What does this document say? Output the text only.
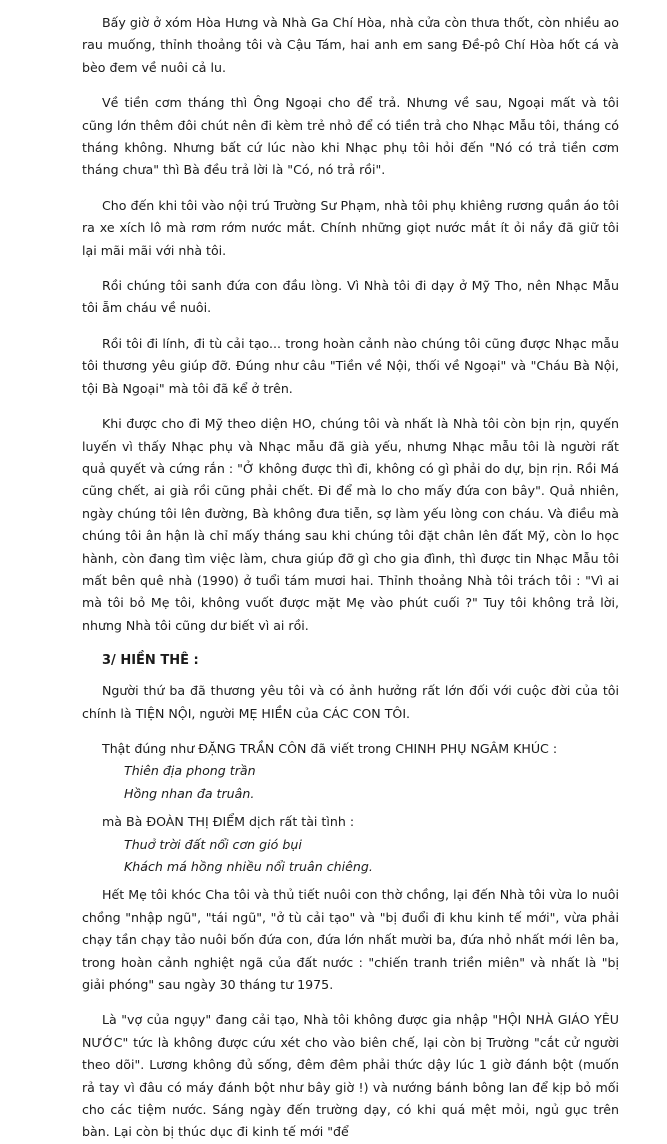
Bấy giờ ở xóm Hòa Hưng và Nhà Ga Chí Hòa, nhà cửa còn thưa thốt, còn nhiều ao rau muống, thỉnh thoảng tôi và Cậu Tám, hai anh em sang Đề-pô Chí Hòa hốt cá và bèo đem về nuôi cả lu.

Về tiền cơm tháng thì Ông Ngoại cho để trả. Nhưng về sau, Ngoại mất và tôi cũng lớn thêm đôi chút nên đi kèm trẻ nhỏ để có tiền trả cho Nhạc Mẫu tôi, tháng có tháng không. Nhưng bất cứ lúc nào khi Nhạc phụ tôi hỏi đến "Nó có trả tiền cơm tháng chưa" thì Bà đều trả lời là "Có, nó trả rồi".

Cho đến khi tôi vào nội trú Trường Sư Phạm, nhà tôi phụ khiêng rương quần áo tôi ra xe xích lô mà rơm rớm nước mắt. Chính những giọt nước mắt ít ỏi nầy đã giữ tôi lại mãi mãi với nhà tôi.

Rồi chúng tôi sanh đứa con đầu lòng. Vì Nhà tôi đi dạy ở Mỹ Tho, nên Nhạc Mẫu tôi ẵm cháu về nuôi.

Rồi tôi đi lính, đi tù cải tạo... trong hoàn cảnh nào chúng tôi cũng được Nhạc mẫu tôi thương yêu giúp đỡ. Đúng như câu "Tiền về Nội, thối về Ngoại" và "Cháu Bà Nội, tội Bà Ngoại" mà tôi đã kể ở trên.

Khi được cho đi Mỹ theo diện HO, chúng tôi và nhất là Nhà tôi còn bịn rịn, quyến luyến vì thấy Nhạc phụ và Nhạc mẫu đã già yếu, nhưng Nhạc mẫu tôi là người rất quả quyết và cứng rắn : "Ở không được thì đi, không có gì phải do dự, bịn rịn. Rồi Má cũng chết, ai già rồi cũng phải chết. Đi để mà lo cho mấy đứa con bây". Quả nhiên, ngày chúng tôi lên đường, Bà không đưa tiễn, sợ làm yếu lòng con cháu. Và điều mà chúng tôi ân hận là chỉ mấy tháng sau khi chúng tôi đặt chân lên đất Mỹ, còn lo học hành, còn đang tìm việc làm, chưa giúp đỡ gì cho gia đình, thì được tin Nhạc Mẫu tôi mất bên quê nhà (1990) ở tuổi tám mươi hai. Thỉnh thoảng Nhà tôi trách tôi : "Vì ai mà tôi bỏ Mẹ tôi, không vuốt được mặt Mẹ vào phút cuối ?" Tuy tôi không trả lời, nhưng Nhà tôi cũng dư biết vì ai rồi.

3/ HIỀN THÊ :

Người thứ ba đã thương yêu tôi và có ảnh hưởng rất lớn đối với cuộc đời của tôi chính là TIỆN NỘI, người MẸ HIỀN của CÁC CON TÔI.

Thật đúng như ĐẶNG TRẦN CÔN đã viết trong CHINH PHỤ NGÂM KHÚC :

Thiên địa phong trần
Hồng nhan đa truân.

mà Bà ĐOÀN THỊ ĐIỂM dịch rất tài tình :

Thuở trời đất nổi cơn gió bụi
Khách má hồng nhiều nổi truân chiêng.

Hết Mẹ tôi khóc Cha tôi và thủ tiết nuôi con thờ chồng, lại đến Nhà tôi vừa lo nuôi chồng "nhập ngũ", "tái ngũ", "ở tù cải tạo" và "bị đuổi đi khu kinh tế mới", vừa phải chạy tần chạy tảo nuôi bốn đứa con, đứa lớn nhất mười ba, đứa nhỏ nhất mới lên ba, trong hoàn cảnh nghiệt ngã của đất nước : "chiến tranh triền miên" và nhất là "bị giải phóng" sau ngày 30 tháng tư 1975.

Là "vợ của ngụy" đang cải tạo, Nhà tôi không được gia nhập "HỘI NHÀ GIÁO YÊU NƯỚC" tức là không được cứu xét cho vào biên chế, lại còn bị Trường "cắt cử người theo dõi". Lương không đủ sống, đêm đêm phải thức dậy lúc 1 giờ đánh bột (muốn rả tay vì đâu có máy đánh bột như bây giờ !) và nướng bánh bông lan để kịp bỏ mối cho các tiệm nước. Sáng ngày đến trường dạy, có khi quá mệt mỏi, ngủ gục trên bàn. Lại còn bị thúc dục đi kinh tế mới "để
